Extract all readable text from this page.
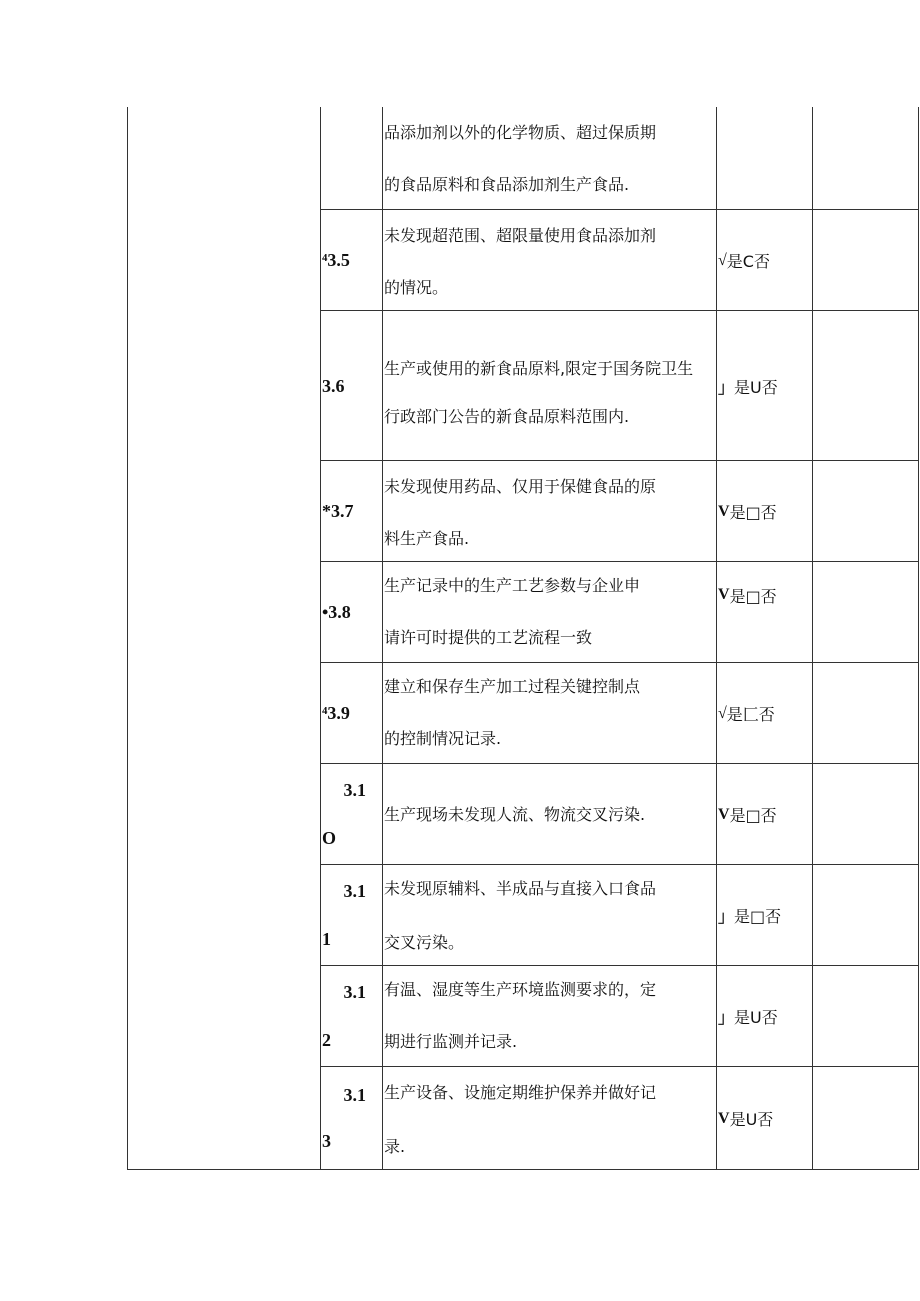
品添加剂以外的化学物质、超过保质期
的食品原料和食品添加剂生产食品.
⁴3.5
未发现超范围、超限量使用食品添加剂
的情况。
√ 是C否
3.6
生产或使用的新食品原料,限定于国务院卫生
行政部门公告的新食品原料范围内.
」 是U否
*3.7
未发现使用药品、仅用于保健食品的原
料生产食品.
V 是□否
•3.8
生产记录中的生产工艺参数与企业申
请许可时提供的工艺流程一致
V 是□否
⁴3.9
建立和保存生产加工过程关键控制点
的控制情况记录.
√ 是匚否
3.1
O
生产现场未发现人流、物流交叉污染.	V 是□否
3.1
1
未发现原辅料、半成品与直接入口食品
交叉污染。
」 是□否
3.1
2
有温、湿度等生产环境监测要求的，定
期进行监测并记录.
」 是U否
3.1
3
生产设备、设施定期维护保养并做好记
录.
V 是U否
